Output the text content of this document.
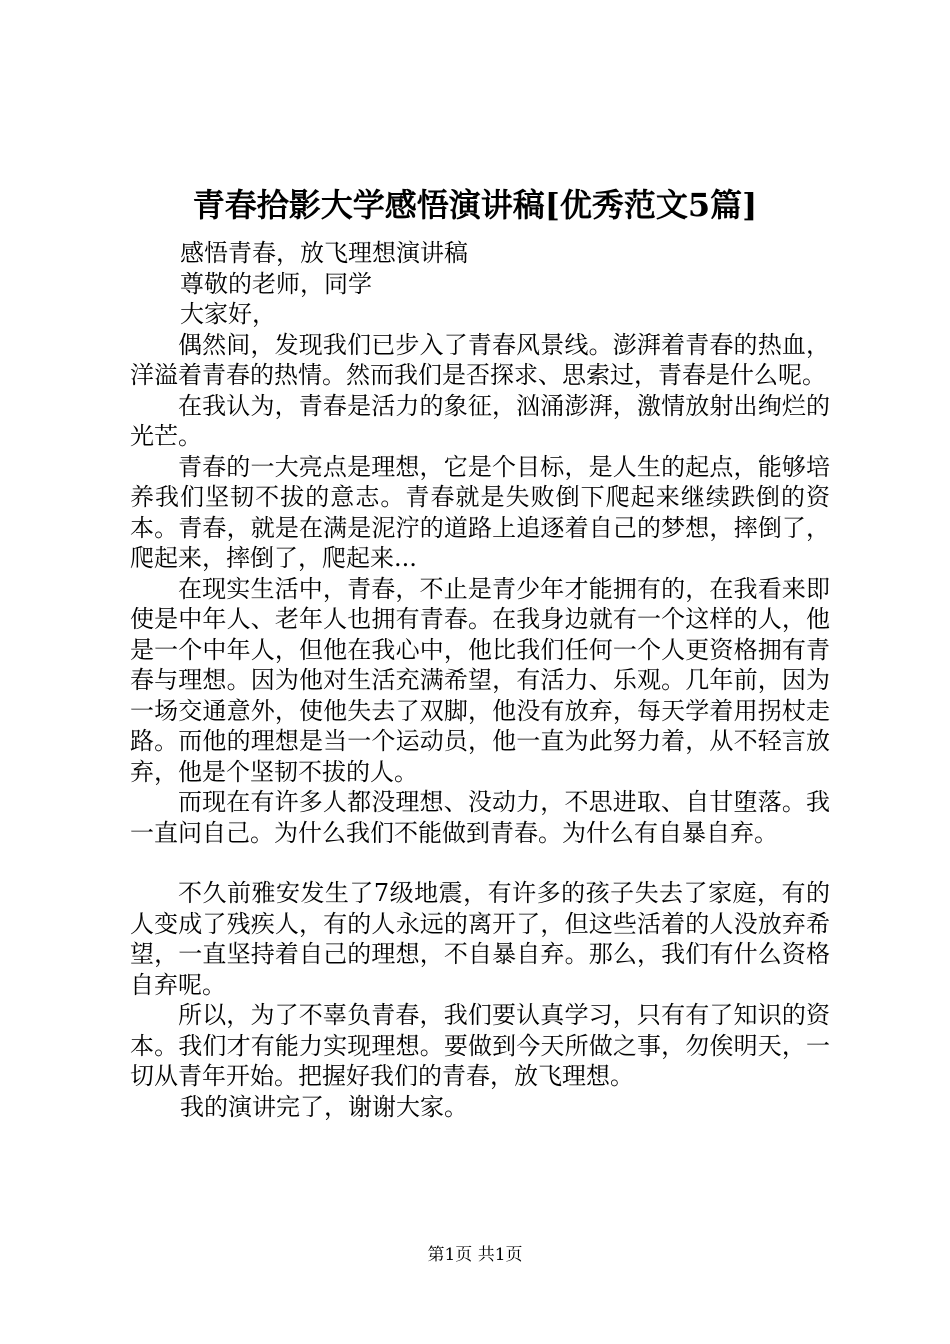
青春拾影大学感悟演讲稿[优秀范文5篇]

感悟青春，放飞理想演讲稿

尊敬的老师，同学

大家好，

偶然间，发现我们已步入了青春风景线。澎湃着青春的热血，洋溢着青春的热情。然而我们是否探求、思索过，青春是什么呢。

在我认为，青春是活力的象征，汹涌澎湃，激情放射出绚烂的光芒。

青春的一大亮点是理想，它是个目标，是人生的起点，能够培养我们坚韧不拔的意志。青春就是失败倒下爬起来继续跌倒的资本。青春，就是在满是泥泞的道路上追逐着自己的梦想，摔倒了，爬起来，摔倒了，爬起来...

在现实生活中，青春，不止是青少年才能拥有的，在我看来即使是中年人、老年人也拥有青春。在我身边就有一个这样的人，他是一个中年人，但他在我心中，他比我们任何一个人更资格拥有青春与理想。因为他对生活充满希望，有活力、乐观。几年前，因为一场交通意外，使他失去了双脚，他没有放弃，每天学着用拐杖走路。而他的理想是当一个运动员，他一直为此努力着，从不轻言放弃，他是个坚韧不拔的人。

而现在有许多人都没理想、没动力，不思进取、自甘堕落。我一直问自己。为什么我们不能做到青春。为什么有自暴自弃。

不久前雅安发生了7级地震，有许多的孩子失去了家庭，有的人变成了残疾人，有的人永远的离开了，但这些活着的人没放弃希望，一直坚持着自己的理想，不自暴自弃。那么，我们有什么资格自弃呢。

所以，为了不辜负青春，我们要认真学习，只有有了知识的资本。我们才有能力实现理想。要做到今天所做之事，勿俟明天，一切从青年开始。把握好我们的青春，放飞理想。

我的演讲完了，谢谢大家。

第1页 共1页
